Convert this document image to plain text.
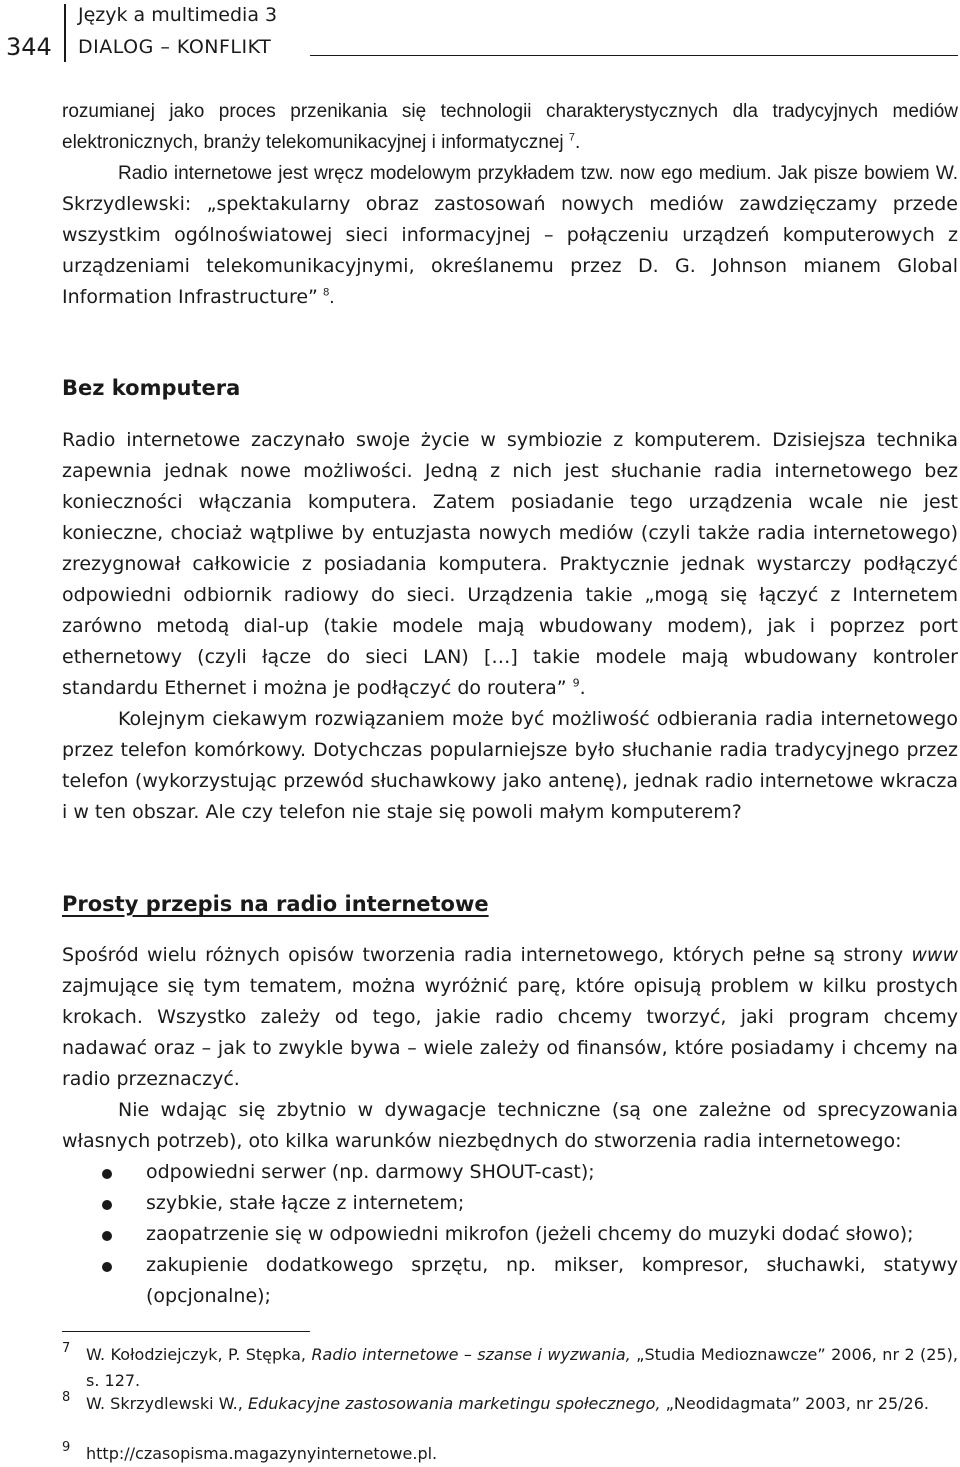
344
Język a multimedia 3
DIALOG – KONFLIKT

rozumianej jako proces przenikania się technologii charakterystycznych dla tradycyjnych mediów elektronicznych, branży telekomunikacyjnej i informatycznej $^7$.

Radio internetowe jest wręcz modelowym przykładem tzw. now ego medium. Jak pisze bowiem W. Skrzydlewski: „spektakularny obraz zastosowań nowych mediów zawdzięczamy przede wszystkim ogólnoświatowej sieci informacyjnej – połączeniu urządzeń komputerowych z urządzeniami telekomunikacyjnymi, określanemu przez D. G. Johnson mianem Global Information Infrastructure” $^8$.

Bez komputera

Radio internetowe zaczynało swoje życie w symbiozie z komputerem. Dzisiejsza technika zapewnia jednak nowe możliwości. Jedną z nich jest słuchanie radia internetowego bez konieczności włączania komputera. Zatem posiadanie tego urządzenia wcale nie jest konieczne, chociaż wątpliwe by entuzjasta nowych mediów (czyli także radia internetowego) zrezygnował całkowicie z posiadania komputera. Praktycznie jednak wystarczy podłączyć odpowiedni odbiornik radiowy do sieci. Urządzenia takie „mogą się łączyć z Internetem zarówno metodą dial-up (takie modele mają wbudowany modem), jak i poprzez port ethernetowy (czyli łącze do sieci LAN) […] takie modele mają wbudowany kontroler standardu Ethernet i można je podłączyć do routera” $^9$.

Kolejnym ciekawym rozwiązaniem może być możliwość odbierania radia internetowego przez telefon komórkowy. Dotychczas popularniejsze było słuchanie radia tradycyjnego przez telefon (wykorzystując przewód słuchawkowy jako antenę), jednak radio internetowe wkracza i w ten obszar. Ale czy telefon nie staje się powoli małym komputerem?

Prosty przepis na radio internetowe

Spośród wielu różnych opisów tworzenia radia internetowego, których pełne są strony www zajmujące się tym tematem, można wyróżnić parę, które opisują problem w kilku prostych krokach. Wszystko zależy od tego, jakie radio chcemy tworzyć, jaki program chcemy nadawać oraz – jak to zwykle bywa – wiele zależy od finansów, które posiadamy i chcemy na radio przeznaczyć.

Nie wdając się zbytnio w dywagacje techniczne (są one zależne od sprecyzowania własnych potrzeb), oto kilka warunków niezbędnych do stworzenia radia internetowego:

odpowiedni serwer (np. darmowy SHOUT-cast);
szybkie, stałe łącze z internetem;
zaopatrzenie się w odpowiedni mikrofon (jeżeli chcemy do muzyki dodać słowo);
zakupienie dodatkowego sprzętu, np. mikser, kompresor, słuchawki, statywy (opcjonalne);
7 W. Kołodziejczyk, P. Stępka, Radio internetowe – szanse i wyzwania, „Studia Medioznawcze” 2006, nr 2 (25), s. 127.
8 W. Skrzydlewski W., Edukacyjne zastosowania marketingu społecznego, „Neodidagmata” 2003, nr 25/26.
9 http://czasopisma.magazynyinternetowe.pl.
